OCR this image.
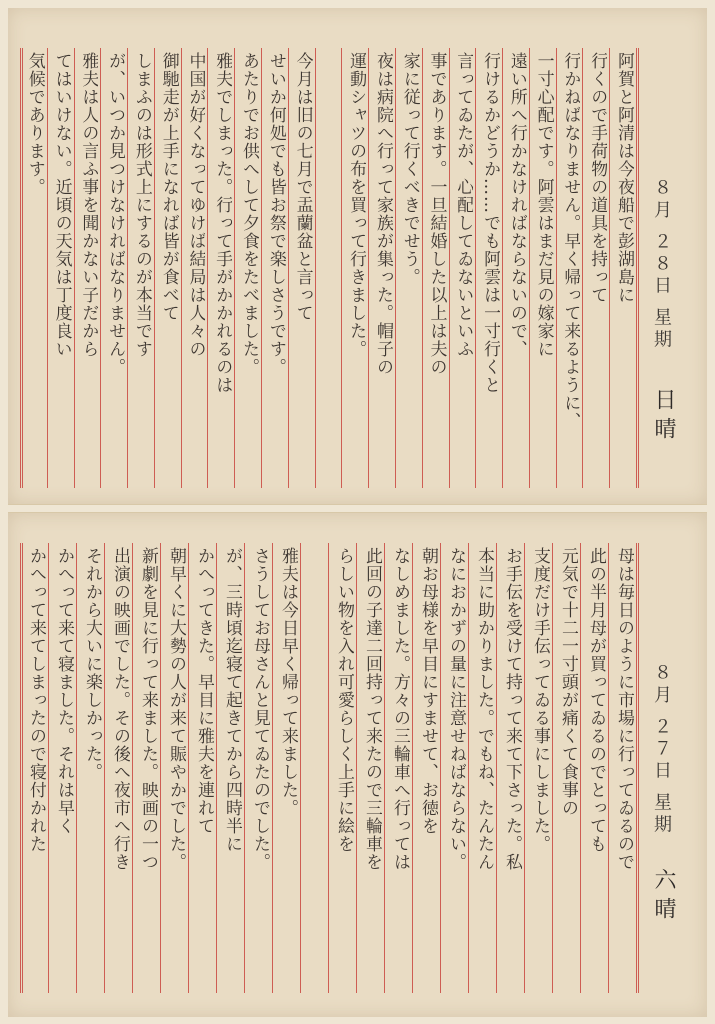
阿賀と阿清は今夜船で彭湖島に
行くので手荷物の道具を持って
行かねばなりません。早く帰って来るように、
一寸心配です。阿雲はまだ見の嫁家に
遠い所へ行かなければならないので、
行けるかどうか……でも阿雲は一寸行くと
言ってゐたが、心配してゐないといふ
事であります。一旦結婚した以上は夫の
家に従って行くべきでせう。
夜は病院へ行って家族が集った。帽子の
運動シャツの布を買って行きました。
今月は旧の七月で盂蘭盆と言って
せいか何処でも皆お祭で楽しさうです。
あたりでお供へして夕食をたべました。
雅夫でしまった。行って手がかかれるのは
中国が好くなってゆけば結局は人々の
御馳走が上手になれば皆が食べて
しまふのは形式上にするのが本当です
が、いつか見つけなければなりません。
雅夫は人の言ふ事を聞かない子だから
てはいけない。近頃の天気は丁度良い
気候であります。
８月 ２８日 星期
日 晴
母は毎日のように市場に行ってゐるので
此の半月母が買ってゐるのでとっても
元気で十二一寸頭が痛くて食事の
支度だけ手伝ってゐる事にしました。
お手伝を受けて持って来て下さった。私
本当に助かりました。でもね、たんたん
なにおかずの量に注意せねばならない。
朝お母様を早目にすませて、お徳を
なしめました。方々の三輪車へ行っては
此回の子達二回持って来たので三輪車を
らしい物を入れ可愛らしく上手に絵を
雅夫は今日早く帰って来ました。
さうしてお母さんと見てゐたのでした。
が、三時頃迄寝て起きてから四時半に
かへってきた。早目に雅夫を連れて
朝早くに大勢の人が来て賑やかでした。
新劇を見に行って来ました。映画の一つ
出演の映画でした。その後へ夜市へ行き
それから大いに楽しかった。
かへって来て寝ました。それは早く
かへって来てしまったので寝付かれた	８月 ２７日 星期
六 晴
